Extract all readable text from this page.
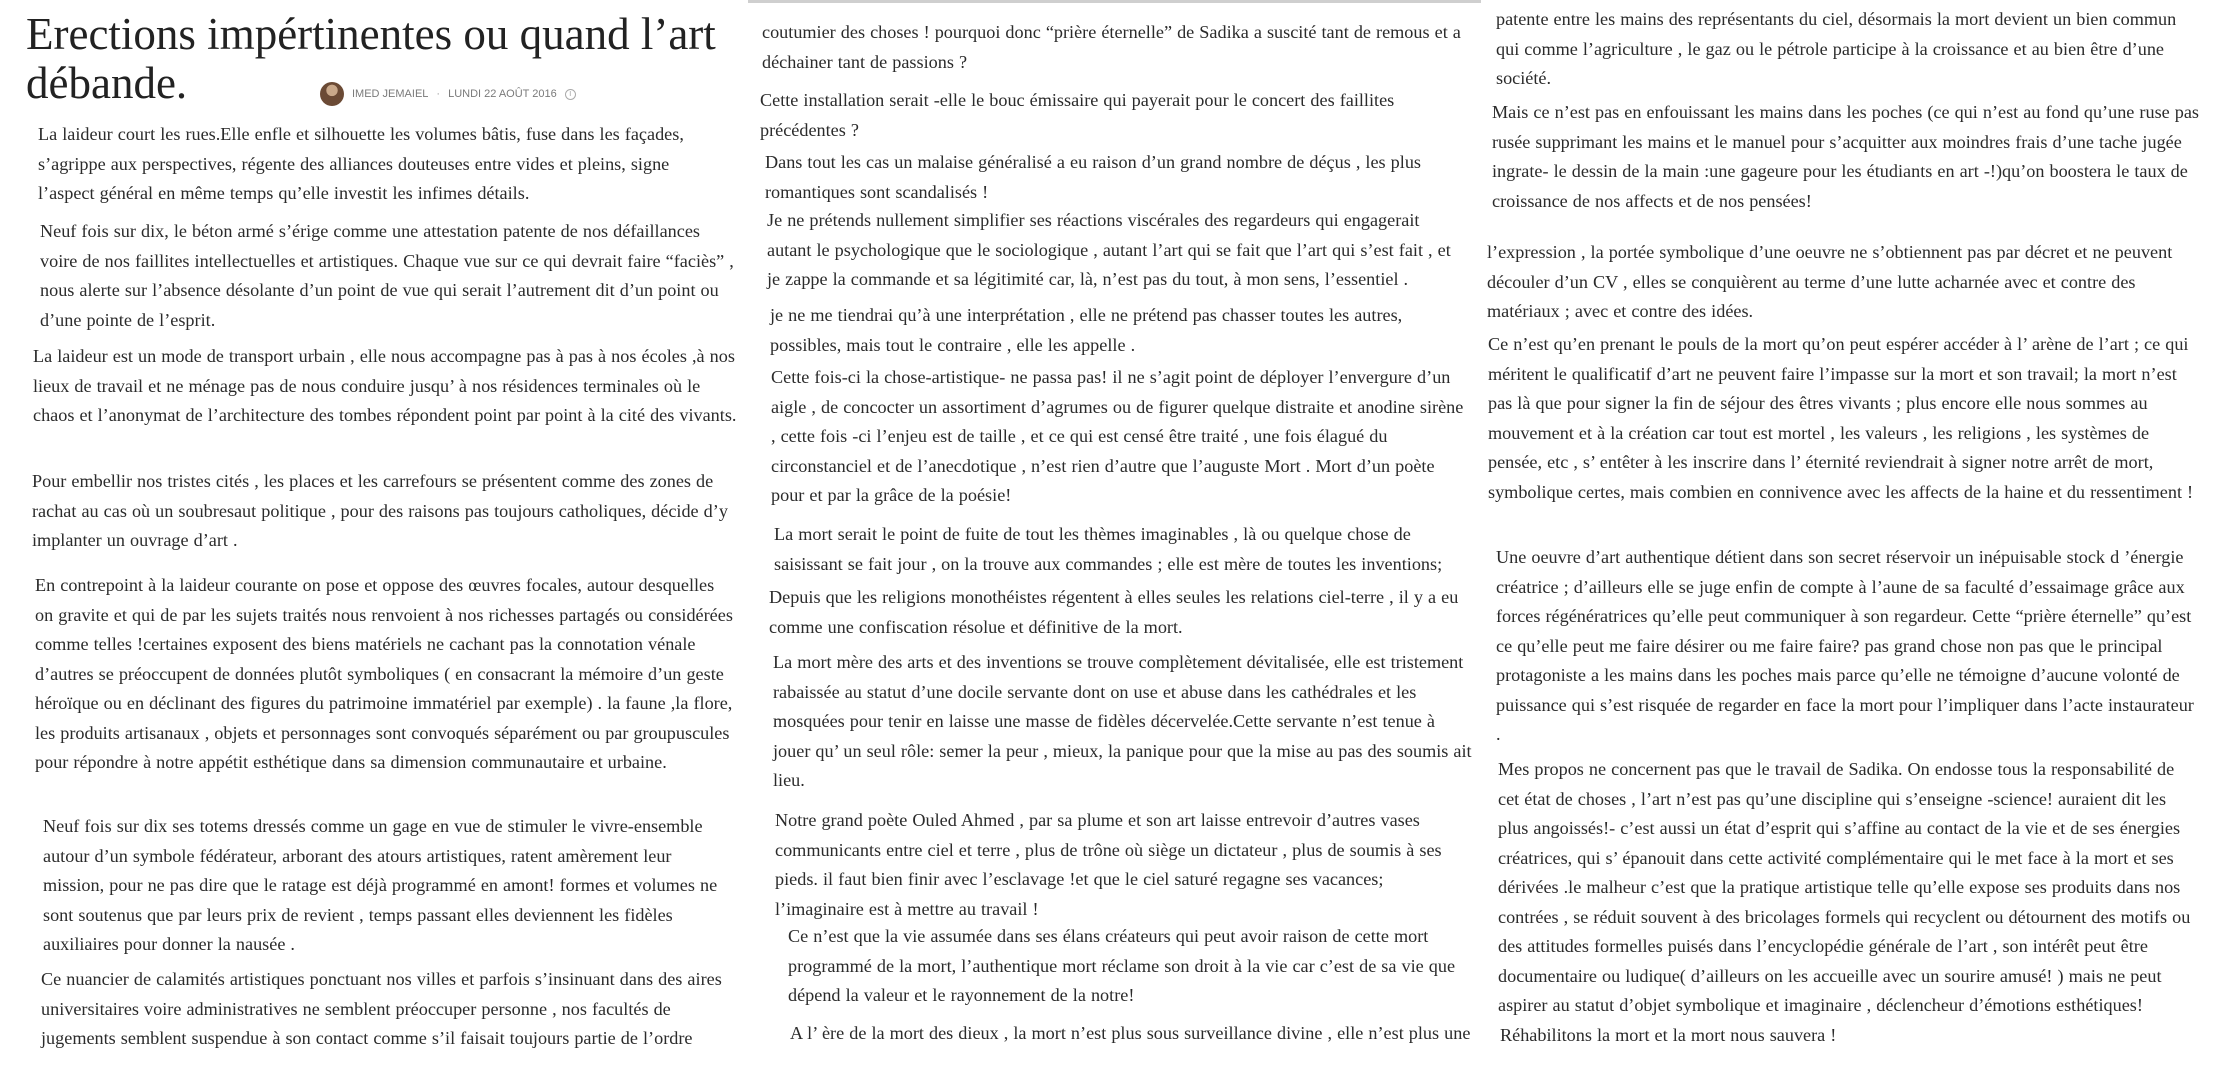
Erections impértinentes ou quand l’art débande.	IMED JEMAIEL · LUNDI 22 AOÛT 2016	I

La laideur court les rues.Elle enfle et silhouette les volumes bâtis, fuse dans les façades, s’agrippe aux perspectives, régente des alliances douteuses entre vides et pleins, signe l’aspect général en même temps qu’elle investit les infimes détails.

Neuf fois sur dix, le béton armé s’érige comme une attestation patente de nos défaillances voire de nos faillites intellectuelles et artistiques. Chaque vue sur ce qui devrait faire “faciès” , nous alerte sur l’absence désolante d’un point de vue qui serait l’autrement dit d’un point ou d’une pointe de l’esprit.

La laideur est un mode de transport urbain , elle nous accompagne pas à pas à nos écoles ,à nos lieux de travail et ne ménage pas de nous conduire jusqu’ à nos résidences terminales où le chaos et l’anonymat de l’architecture des tombes répondent point par point à la cité des vivants.

Pour embellir nos tristes cités , les places et les carrefours se présentent comme des zones de rachat au cas où un soubresaut politique , pour des raisons pas toujours catholiques, décide d’y implanter un ouvrage d’art .

En contrepoint à la laideur courante on pose et oppose des œuvres focales, autour desquelles on gravite et qui de par les sujets traités nous renvoient à nos richesses partagés ou considérées comme telles !certaines exposent des biens matériels ne cachant pas la connotation vénale d’autres se préoccupent de données plutôt symboliques ( en consacrant la mémoire d’un geste héroïque ou en déclinant des figures du patrimoine immatériel par exemple) . la faune ,la flore, les produits artisanaux , objets et personnages sont convoqués séparément ou par groupuscules pour répondre à notre appétit esthétique dans sa dimension communautaire et urbaine.

Neuf fois sur dix ses totems dressés comme un gage en vue de stimuler le vivre-ensemble autour d’un symbole fédérateur, arborant des atours artistiques, ratent amèrement leur mission, pour ne pas dire que le ratage est déjà programmé en amont! formes et volumes ne sont soutenus que par leurs prix de revient , temps passant elles deviennent les fidèles auxiliaires pour donner la nausée .

Ce nuancier de calamités artistiques ponctuant nos villes et parfois s’insinuant dans des aires universitaires voire administratives ne semblent préoccuper personne , nos facultés de jugements semblent suspendue à son contact comme s’il faisait toujours partie de l’ordre

coutumier des choses ! pourquoi donc “prière éternelle” de Sadika a suscité tant de remous et a déchainer tant de passions ?

Cette installation serait -elle le bouc émissaire qui payerait pour le concert des faillites précédentes ?

Dans tout les cas un malaise généralisé a eu raison d’un grand nombre de déçus , les plus romantiques sont scandalisés !

Je ne prétends nullement simplifier ses réactions viscérales des regardeurs qui engagerait autant le psychologique que le sociologique , autant l’art qui se fait que l’art qui s’est fait , et je zappe la commande et sa légitimité car, là, n’est pas du tout, à mon sens, l’essentiel .

je ne me tiendrai qu’à une interprétation , elle ne prétend pas chasser toutes les autres, possibles, mais tout le contraire , elle les appelle .

Cette fois-ci la chose-artistique- ne passa pas! il ne s’agit point de déployer l’envergure d’un aigle , de concocter un assortiment d’agrumes ou de figurer quelque distraite et anodine sirène , cette fois -ci l’enjeu est de taille , et ce qui est censé être traité , une fois élagué du circonstanciel et de l’anecdotique , n’est rien d’autre que l’auguste Mort . Mort d’un poète pour et par la grâce de la poésie!

La mort serait le point de fuite de tout les thèmes imaginables , là ou quelque chose de saisissant se fait jour , on la trouve aux commandes ; elle est mère de toutes les inventions;

Depuis que les religions monothéistes régentent à elles seules les relations ciel-terre , il y a eu comme une confiscation résolue et définitive de la mort.

La mort mère des arts et des inventions se trouve complètement dévitalisée, elle est tristement rabaissée au statut d’une docile servante dont on use et abuse dans les cathédrales et les mosquées pour tenir en laisse une masse de fidèles décervelée.Cette servante n’est tenue à jouer qu’ un seul rôle: semer la peur , mieux, la panique pour que la mise au pas des soumis ait lieu.

Notre grand poète Ouled Ahmed , par sa plume et son art laisse entrevoir d’autres vases communicants entre ciel et terre , plus de trône où siège un dictateur , plus de soumis à ses pieds. il faut bien finir avec l’esclavage !et que le ciel saturé regagne ses vacances; l’imaginaire est à mettre au travail !

Ce n’est que la vie assumée dans ses élans créateurs qui peut avoir raison de cette mort programmé de la mort, l’authentique mort réclame son droit à la vie car c’est de sa vie que dépend la valeur et le rayonnement de la notre!

A l’ ère de la mort des dieux , la mort n’est plus sous surveillance divine , elle n’est plus une

patente entre les mains des représentants du ciel, désormais la mort devient un bien commun qui comme l’agriculture , le gaz ou le pétrole participe à la croissance et au bien être d’une société.

Mais ce n’est pas en enfouissant les mains dans les poches (ce qui n’est au fond qu’une ruse pas rusée supprimant les mains et le manuel pour s’acquitter aux moindres frais d’une tache jugée ingrate- le dessin de la main :une gageure pour les étudiants en art -!)qu’on boostera le taux de croissance de nos affects et de nos pensées!

l’expression , la portée symbolique d’une oeuvre ne s’obtiennent pas par décret et ne peuvent découler d’un CV , elles se conquièrent au terme d’une lutte acharnée avec et contre des matériaux ; avec et contre des idées.

Ce n’est qu’en prenant le pouls de la mort qu’on peut espérer accéder à l’ arène de l’art ; ce qui méritent le qualificatif d’art ne peuvent faire l’impasse sur la mort et son travail; la mort n’est pas là que pour signer la fin de séjour des êtres vivants ; plus encore elle nous sommes au mouvement et à la création car tout est mortel , les valeurs , les religions , les systèmes de pensée, etc , s’ entêter à les inscrire dans l’ éternité reviendrait à signer notre arrêt de mort, symbolique certes, mais combien en connivence avec les affects de la haine et du ressentiment !

Une oeuvre d’art authentique détient dans son secret réservoir un inépuisable stock d ’énergie créatrice ; d’ailleurs elle se juge enfin de compte à l’aune de sa faculté d’essaimage grâce aux forces régénératrices qu’elle peut communiquer à son regardeur. Cette “prière éternelle” qu’est ce qu’elle peut me faire désirer ou me faire faire? pas grand chose non pas que le principal protagoniste a les mains dans les poches mais parce qu’elle ne témoigne d’aucune volonté de puissance qui s’est risquée de regarder en face la mort pour l’impliquer dans l’acte instaurateur .

Mes propos ne concernent pas que le travail de Sadika. On endosse tous la responsabilité de cet état de choses , l’art n’est pas qu’une discipline qui s’enseigne -science! auraient dit les plus angoissés!- c’est aussi un état d’esprit qui s’affine au contact de la vie et de ses énergies créatrices, qui s’ épanouit dans cette activité complémentaire qui le met face à la mort et ses dérivées .le malheur c’est que la pratique artistique telle qu’elle expose ses produits dans nos contrées , se réduit souvent à des bricolages formels qui recyclent ou détournent des motifs ou des attitudes formelles puisés dans l’encyclopédie générale de l’art , son intérêt peut être documentaire ou ludique( d’ailleurs on les accueille avec un sourire amusé! ) mais ne peut aspirer au statut d’objet symbolique et imaginaire , déclencheur d’émotions esthétiques!

Réhabilitons la mort et la mort nous sauvera !
